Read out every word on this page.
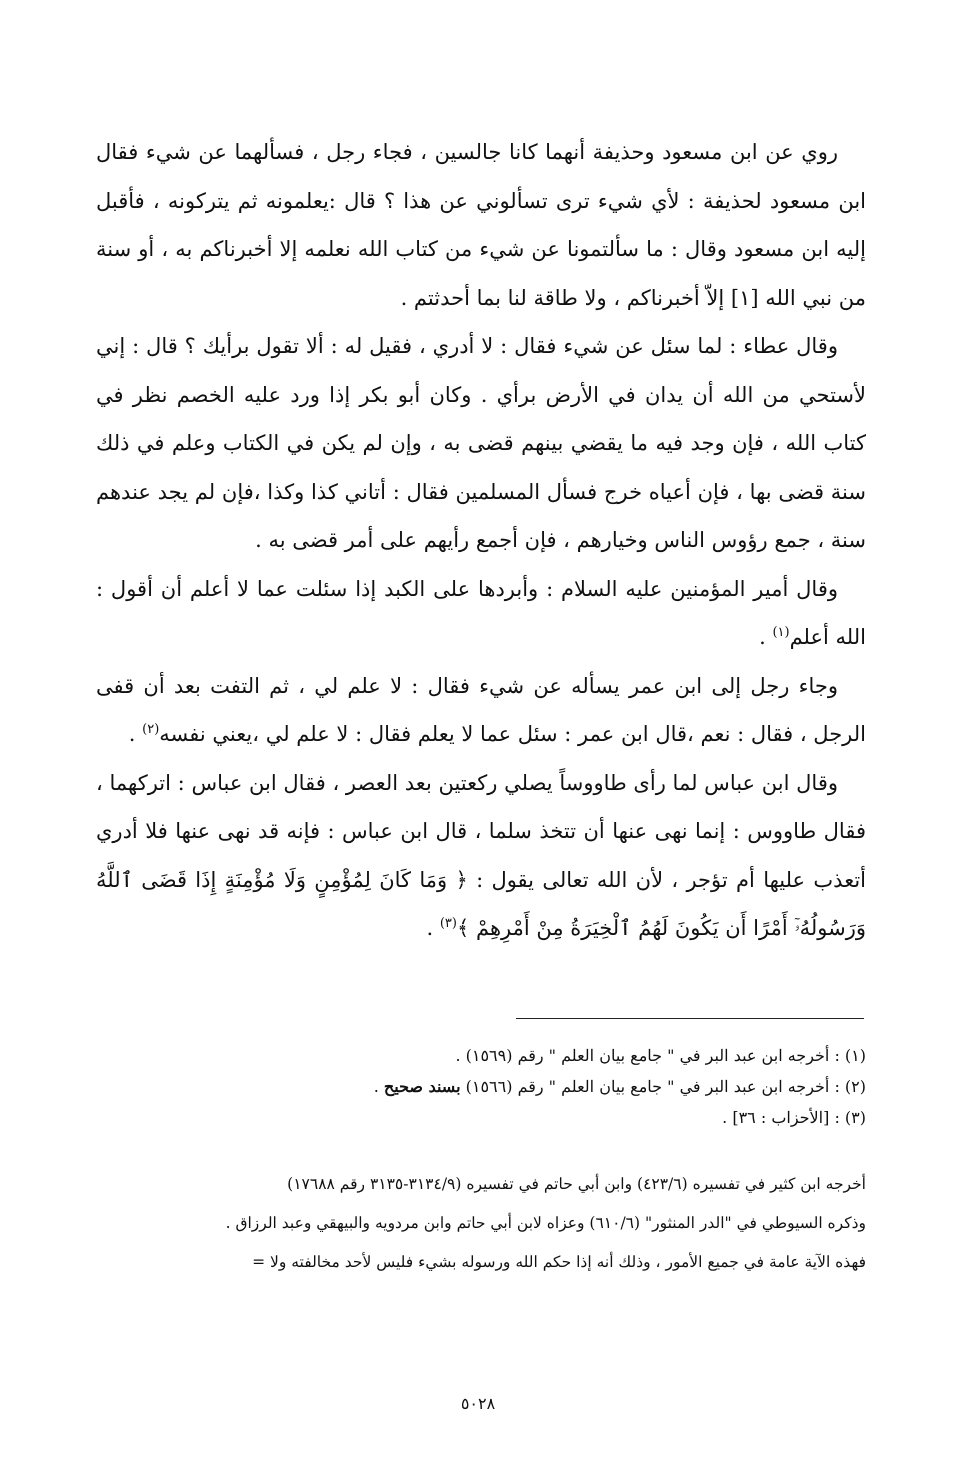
روي عن ابن مسعود وحذيفة أنهما كانا جالسين ، فجاء رجل ، فسألهما عن شيء فقال ابن مسعود لحذيفة : لأي شيء ترى تسألوني عن هذا ؟ قال :يعلمونه ثم يتركونه ، فأقبل إليه ابن مسعود وقال : ما سألتمونا عن شيء من كتاب الله نعلمه إلا أخبرناكم به ، أو سنة من نبي الله [١] إلاّ أخبرناكم ، ولا طاقة لنا بما أحدثتم .

وقال عطاء : لما سئل عن شيء فقال : لا أدري ، فقيل له : ألا تقول برأيك ؟ قال : إني لأستحي من الله أن يدان في الأرض برأي . وكان أبو بكر إذا ورد عليه الخصم نظر في كتاب الله ، فإن وجد فيه ما يقضي بينهم قضى به ، وإن لم يكن في الكتاب وعلم في ذلك سنة قضى بها ، فإن أعياه خرج فسأل المسلمين فقال : أتاني كذا وكذا ،فإن لم يجد عندهم سنة ، جمع رؤوس الناس وخيارهم ، فإن أجمع رأيهم على أمر قضى به .

وقال أمير المؤمنين عليه السلام : وأبردها على الكبد إذا سئلت عما لا أعلم أن أقول : الله أعلم$^{(١)}$ .

وجاء رجل إلى ابن عمر يسأله عن شيء فقال : لا علم لي ، ثم التفت بعد أن قفى الرجل ، فقال : نعم ،قال ابن عمر : سئل عما لا يعلم فقال : لا علم لي ،يعني نفسه$^{(٢)}$ .

وقال ابن عباس لما رأى طاووساً يصلي ركعتين بعد العصر ، فقال ابن عباس : اتركهما ، فقال طاووس : إنما نهى عنها أن تتخذ سلما ، قال ابن عباس : فإنه قد نهى عنها فلا أدري أتعذب عليها أم تؤجر ، لأن الله تعالى يقول : ﴿ وَمَا كَانَ لِمُؤْمِنٍ وَلَا مُؤْمِنَةٍ إِذَا قَضَى ٱللَّهُ وَرَسُولُهُۥٓ أَمْرًا أَن يَكُونَ لَهُمُ ٱلْخِيَرَةُ مِنْ أَمْرِهِمْ ﴾$^{(٣)}$ .

(١) : أخرجه ابن عبد البر في " جامع بيان العلم " رقم (١٥٦٩) .

(٢) : أخرجه ابن عبد البر في " جامع بيان العلم " رقم (١٥٦٦) بسند صحيح .

(٣) : [الأحزاب : ٣٦] .

أخرجه ابن كثير في تفسيره (٤٢٣/٦) وابن أبي حاتم في تفسيره (٣١٣٤/٩-٣١٣٥ رقم ١٧٦٨٨)

وذكره السيوطي في "الدر المنثور" (٦١٠/٦) وعزاه لابن أبي حاتم وابن مردويه والبيهقي وعبد الرزاق .

فهذه الآية عامة في جميع الأمور ، وذلك أنه إذا حكم الله ورسوله بشيء فليس لأحد مخالفته ولا =

٥٠٢٨
